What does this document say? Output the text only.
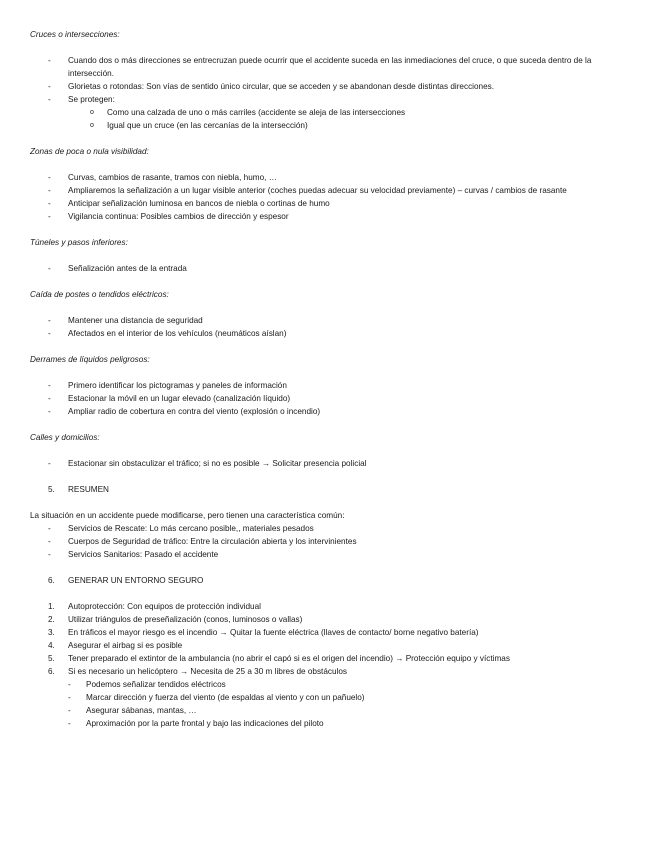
Cruces o intersecciones:

-	Cuando dos o más direcciones se entrecruzan puede ocurrir que el accidente suceda en las inmediaciones del cruce, o que suceda dentro de la intersección.
-	Glorietas o rotondas: Son vías de sentido único circular, que se acceden y se abandonan desde distintas direcciones.
-	Se protegen:
o Como una calzada de uno o más carriles (accidente se aleja de las intersecciones
o Igual que un cruce (en las cercanías de la intersección)

Zonas de poca o nula visibilidad:

-	Curvas, cambios de rasante, tramos con niebla, humo, …
-	Ampliaremos la señalización a un lugar visible anterior (coches puedas adecuar su velocidad previamente) – curvas / cambios de rasante
-	Anticipar señalización luminosa en bancos de niebla o cortinas de humo
-	Vigilancia continua: Posibles cambios de dirección y espesor

Túneles y pasos inferiores:

-	Señalización antes de la entrada

Caída de postes o tendidos eléctricos:

-	Mantener una distancia de seguridad
-	Afectados en el interior de los vehículos (neumáticos aíslan)

Derrames de líquidos peligrosos:

-	Primero identificar los pictogramas y paneles de información
-	Estacionar la móvil en un lugar elevado (canalización líquido)
-	Ampliar radio de cobertura en contra del viento (explosión o incendio)

Calles y domicilios:

-	Estacionar sin obstaculizar el tráfico; si no es posible → Solicitar presencia policial
5. RESUMEN

La situación en un accidente puede modificarse, pero tienen una característica común:

-	Servicios de Rescate: Lo más cercano posible,, materiales pesados
-	Cuerpos de Seguridad de tráfico: Entre la circulación abierta y los intervinientes
-	Servicios Sanitarios: Pasado el accidente
6. GENERAR UN ENTORNO SEGURO
1. Autoprotección: Con equipos de protección individual
2. Utilizar triángulos de preseñalización (conos, luminosos o vallas)
3. En tráficos el mayor riesgo es el incendio → Quitar la fuente eléctrica (llaves de contacto/ borne negativo batería)
4. Asegurar el airbag si es posible
5. Tener preparado el extintor de la ambulancia (no abrir el capó si es el origen del incendio) → Protección equipo y víctimas
6. Si es necesario un helicóptero → Necesita de 25 a 30 m libres de obstáculos
- Podemos señalizar tendidos eléctricos
- Marcar dirección y fuerza del viento (de espaldas al viento y con un pañuelo)
- Asegurar sábanas, mantas, …
- Aproximación por la parte frontal y bajo las indicaciones del piloto
